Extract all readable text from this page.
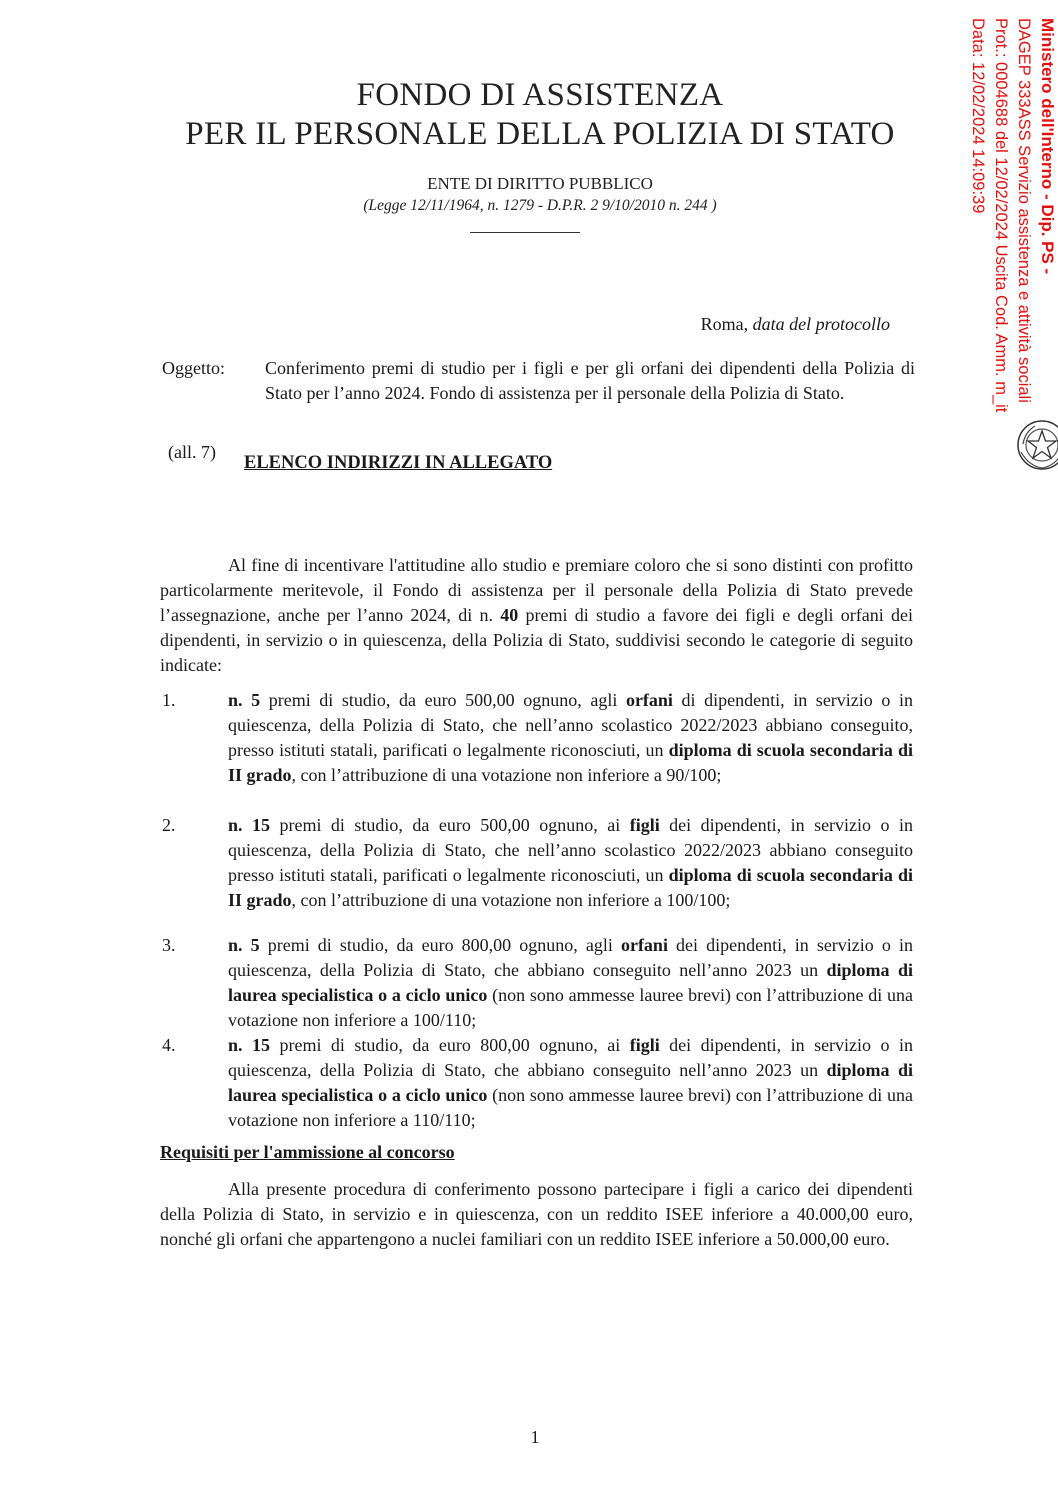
FONDO DI ASSISTENZA
PER IL PERSONALE DELLA POLIZIA DI STATO
ENTE DI DIRITTO PUBBLICO
(Legge 12/11/1964, n. 1279 - D.P.R. 2 9/10/2010 n. 244 )	Ministero dell'Interno - Dip. PS -
DAGEP 333ASS Servizio assistenza e attività sociali
Prot.: 0004688 del 12/02/2024 Uscita Cod. Amm. m_it
Data: 12/02/2024 14:09:39
Roma, data del protocollo
Oggetto: Conferimento premi di studio per i figli e per gli orfani dei dipendenti della Polizia di Stato per l’anno 2024. Fondo di assistenza per il personale della Polizia di Stato.
(all. 7)
ELENCO INDIRIZZI IN ALLEGATO
Al fine di incentivare l'attitudine allo studio e premiare coloro che si sono distinti con profitto particolarmente meritevole, il Fondo di assistenza per il personale della Polizia di Stato prevede l’assegnazione, anche per l’anno 2024, di n. 40 premi di studio a favore dei figli e degli orfani dei dipendenti, in servizio o in quiescenza, della Polizia di Stato, suddivisi secondo le categorie di seguito indicate:
1.	n. 5 premi di studio, da euro 500,00 ognuno, agli orfani di dipendenti, in servizio o in quiescenza, della Polizia di Stato, che nell’anno scolastico 2022/2023 abbiano conseguito, presso istituti statali, parificati o legalmente riconosciuti, un diploma di scuola secondaria di II grado, con l’attribuzione di una votazione non inferiore a 90/100;
2.	n. 15 premi di studio, da euro 500,00 ognuno, ai figli dei dipendenti, in servizio o in quiescenza, della Polizia di Stato, che nell’anno scolastico 2022/2023 abbiano conseguito presso istituti statali, parificati o legalmente riconosciuti, un diploma di scuola secondaria di II grado, con l’attribuzione di una votazione non inferiore a 100/100;
3.	n. 5 premi di studio, da euro 800,00 ognuno, agli orfani dei dipendenti, in servizio o in quiescenza, della Polizia di Stato, che abbiano conseguito nell’anno 2023 un diploma di laurea specialistica o a ciclo unico (non sono ammesse lauree brevi) con l’attribuzione di una votazione non inferiore a 100/110;
4.	n. 15 premi di studio, da euro 800,00 ognuno, ai figli dei dipendenti, in servizio o in quiescenza, della Polizia di Stato, che abbiano conseguito nell’anno 2023 un diploma di laurea specialistica o a ciclo unico (non sono ammesse lauree brevi) con l’attribuzione di una votazione non inferiore a 110/110;
Requisiti per l'ammissione al concorso
Alla presente procedura di conferimento possono partecipare i figli a carico dei dipendenti della Polizia di Stato, in servizio e in quiescenza, con un reddito ISEE inferiore a 40.000,00 euro, nonché gli orfani che appartengono a nuclei familiari con un reddito ISEE inferiore a 50.000,00 euro.
1
